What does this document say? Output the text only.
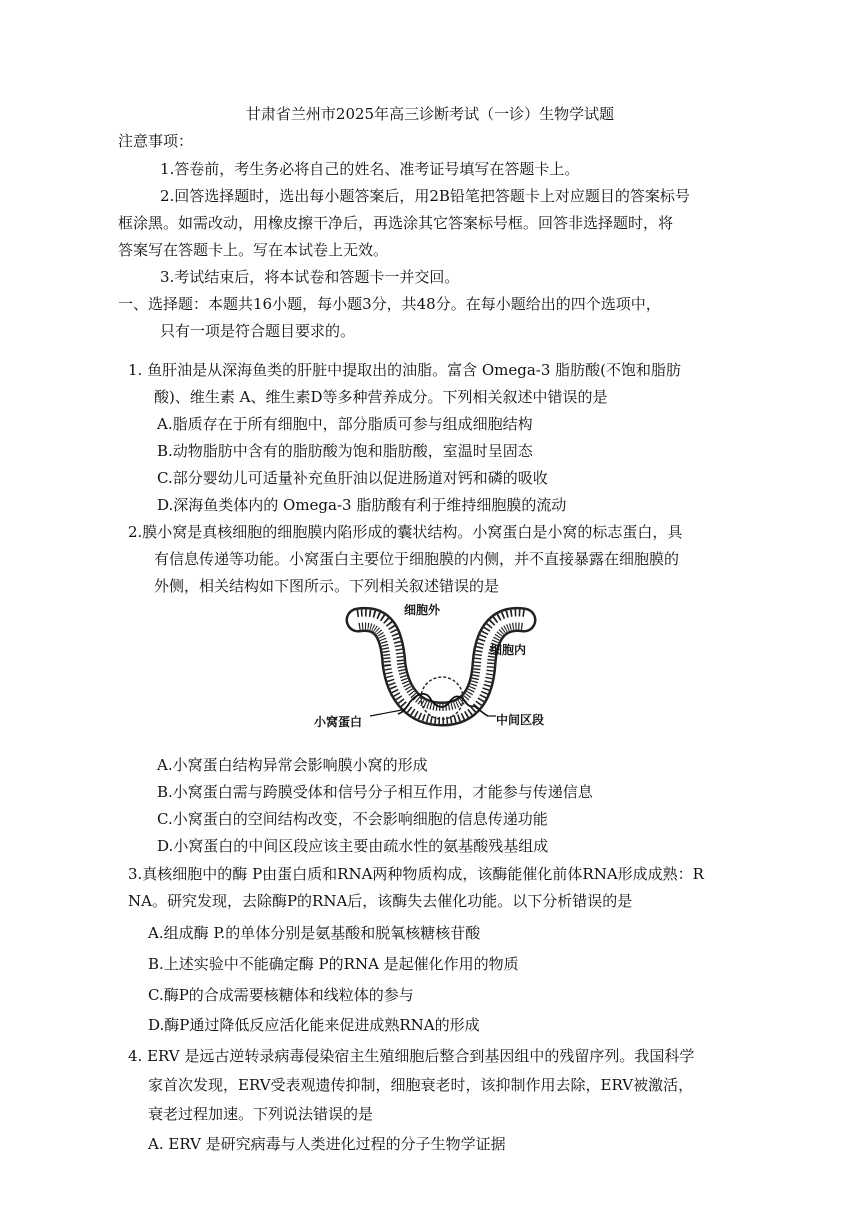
甘肃省兰州市2025年高三诊断考试（一诊）生物学试题
注意事项：
1.答卷前，考生务必将自己的姓名、准考证号填写在答题卡上。
2.回答选择题时，选出每小题答案后，用2B铅笔把答题卡上对应题目的答案标号
框涂黑。如需改动，用橡皮擦干净后，再选涂其它答案标号框。回答非选择题时，将
答案写在答题卡上。写在本试卷上无效。
3.考试结束后，将本试卷和答题卡一并交回。
一、选择题：本题共16小题，每小题3分，共48分。在每小题给出的四个选项中，
只有一项是符合题目要求的。
1. 鱼肝油是从深海鱼类的肝脏中提取出的油脂。富含 Omega-3 脂肪酸(不饱和脂肪
酸)、维生素 A、维生素D等多种营养成分。下列相关叙述中错误的是
A.脂质存在于所有细胞中，部分脂质可参与组成细胞结构
B.动物脂肪中含有的脂肪酸为饱和脂肪酸，室温时呈固态
C.部分婴幼儿可适量补充鱼肝油以促进肠道对钙和磷的吸收
D.深海鱼类体内的 Omega-3 脂肪酸有利于维持细胞膜的流动
2.膜小窝是真核细胞的细胞膜内陷形成的囊状结构。小窝蛋白是小窝的标志蛋白，具
有信息传递等功能。小窝蛋白主要位于细胞膜的内侧，并不直接暴露在细胞膜的
外侧，相关结构如下图所示。下列相关叙述错误的是
细胞外
细胞内
小窝蛋白	中间区段
A.小窝蛋白结构异常会影响膜小窝的形成
B.小窝蛋白需与跨膜受体和信号分子相互作用，才能参与传递信息
C.小窝蛋白的空间结构改变，不会影响细胞的信息传递功能
D.小窝蛋白的中间区段应该主要由疏水性的氨基酸残基组成
3.真核细胞中的酶 P由蛋白质和RNA两种物质构成，该酶能催化前体RNA形成成熟：R
NA。研究发现，去除酶P的RNA后，该酶失去催化功能。以下分析错误的是
A.组成酶 P.的单体分别是氨基酸和脱氧核糖核苷酸
B.上述实验中不能确定酶 P的RNA 是起催化作用的物质
C.酶P的合成需要核糖体和线粒体的参与
D.酶P通过降低反应活化能来促进成熟RNA的形成
4. ERV 是远古逆转录病毒侵染宿主生殖细胞后整合到基因组中的残留序列。我国科学
家首次发现，ERV受表观遗传抑制，细胞衰老时，该抑制作用去除，ERV被激活，
衰老过程加速。下列说法错误的是
A. ERV 是研究病毒与人类进化过程的分子生物学证据
